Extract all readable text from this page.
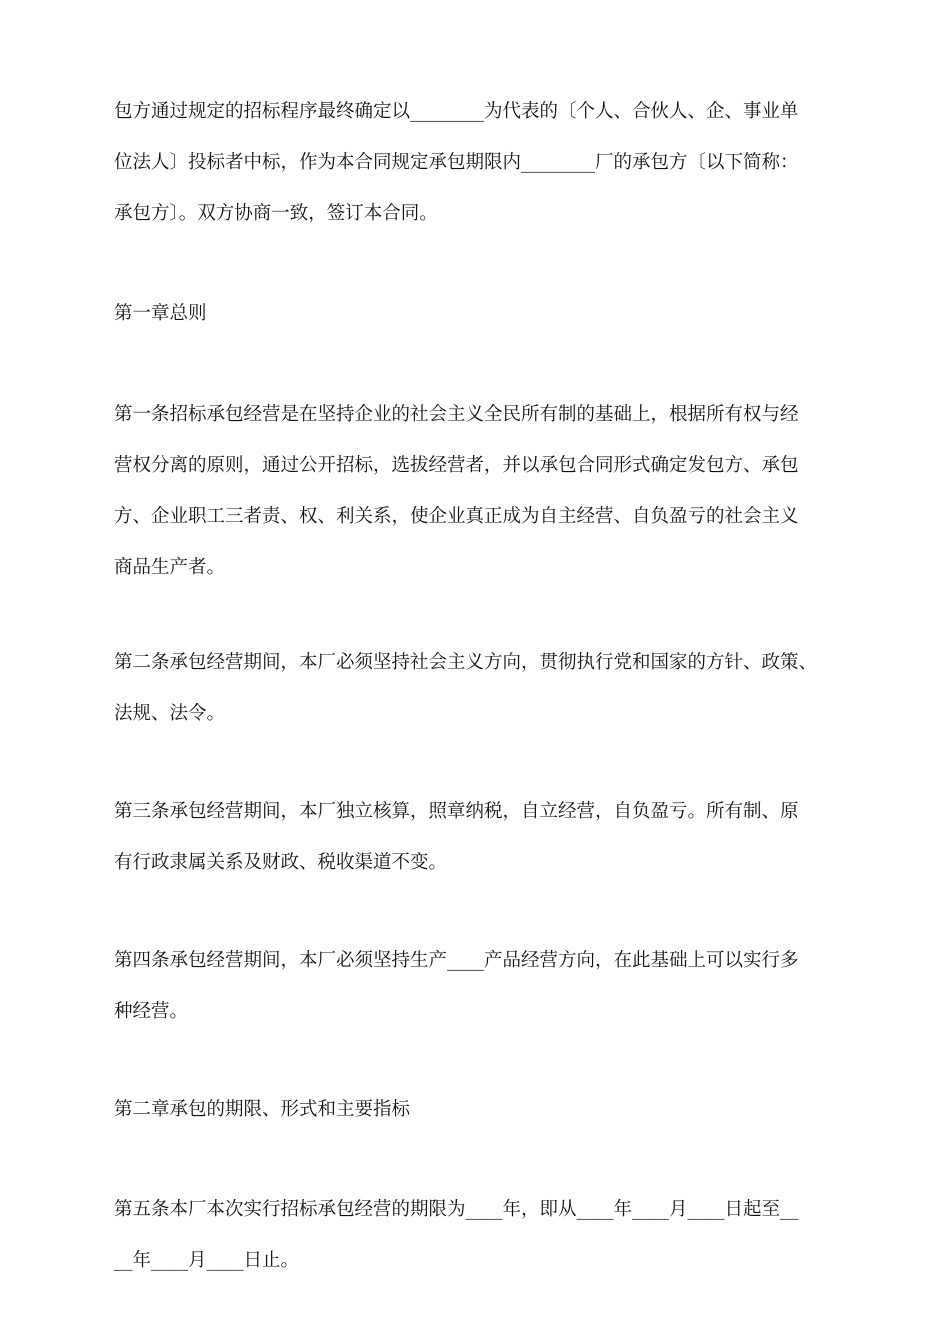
包方通过规定的招标程序最终确定以________为代表的〔个人、合伙人、企、事业单
位法人〕投标者中标，作为本合同规定承包期限内________厂的承包方〔以下简称：
承包方〕。双方协商一致，签订本合同。
第一章总则
第一条招标承包经营是在坚持企业的社会主义全民所有制的基础上，根据所有权与经
营权分离的原则，通过公开招标，选拔经营者，并以承包合同形式确定发包方、承包
方、企业职工三者责、权、利关系，使企业真正成为自主经营、自负盈亏的社会主义
商品生产者。
第二条承包经营期间，本厂必须坚持社会主义方向，贯彻执行党和国家的方针、政策、
法规、法令。
第三条承包经营期间，本厂独立核算，照章纳税，自立经营，自负盈亏。所有制、原
有行政隶属关系及财政、税收渠道不变。
第四条承包经营期间，本厂必须坚持生产____产品经营方向，在此基础上可以实行多
种经营。
第二章承包的期限、形式和主要指标
第五条本厂本次实行招标承包经营的期限为____年，即从____年____月____日起至__
__年____月____日止。
